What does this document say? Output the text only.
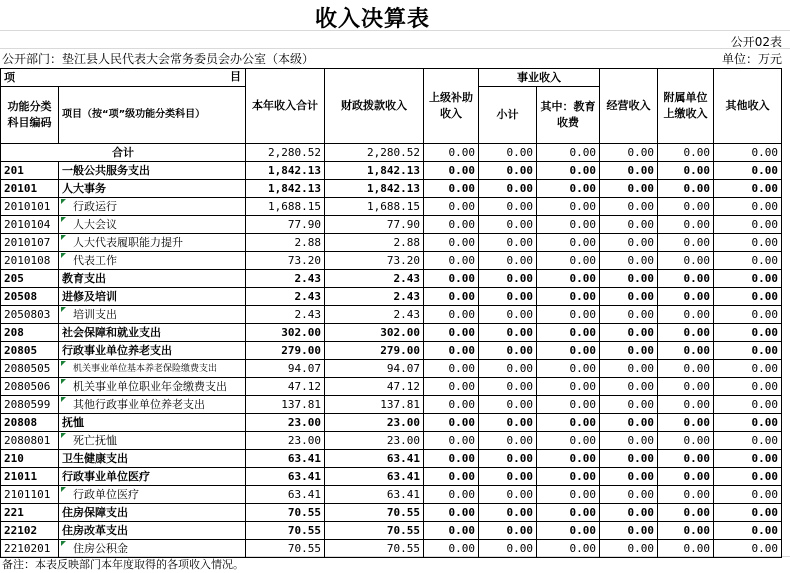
收入决算表
公开02表
公开部门：垫江县人民代表大会常务委员会办公室（本级）	单位：万元
项 目		本年收入合计	财政拨款收入	上级补助收入	事业收入		经营收入	附属单位上缴收入	其他收入
功能分类科目编码	项目（按“项”级功能分类科目）				小计	其中：教育收费			
合计		2,280.52	2,280.52	0.00	0.00	0.00	0.00	0.00	0.00
201	一般公共服务支出	1,842.13	1,842.13	0.00	0.00	0.00	0.00	0.00	0.00
20101	人大事务	1,842.13	1,842.13	0.00	0.00	0.00	0.00	0.00	0.00
2010101	行政运行	1,688.15	1,688.15	0.00	0.00	0.00	0.00	0.00	0.00
2010104	人大会议	77.90	77.90	0.00	0.00	0.00	0.00	0.00	0.00
2010107	人大代表履职能力提升	2.88	2.88	0.00	0.00	0.00	0.00	0.00	0.00
2010108	代表工作	73.20	73.20	0.00	0.00	0.00	0.00	0.00	0.00
205	教育支出	2.43	2.43	0.00	0.00	0.00	0.00	0.00	0.00
20508	进修及培训	2.43	2.43	0.00	0.00	0.00	0.00	0.00	0.00
2050803	培训支出	2.43	2.43	0.00	0.00	0.00	0.00	0.00	0.00
208	社会保障和就业支出	302.00	302.00	0.00	0.00	0.00	0.00	0.00	0.00
20805	行政事业单位养老支出	279.00	279.00	0.00	0.00	0.00	0.00	0.00	0.00
2080505	机关事业单位基本养老保险缴费支出	94.07	94.07	0.00	0.00	0.00	0.00	0.00	0.00
2080506	机关事业单位职业年金缴费支出	47.12	47.12	0.00	0.00	0.00	0.00	0.00	0.00
2080599	其他行政事业单位养老支出	137.81	137.81	0.00	0.00	0.00	0.00	0.00	0.00
20808	抚恤	23.00	23.00	0.00	0.00	0.00	0.00	0.00	0.00
2080801	死亡抚恤	23.00	23.00	0.00	0.00	0.00	0.00	0.00	0.00
210	卫生健康支出	63.41	63.41	0.00	0.00	0.00	0.00	0.00	0.00
21011	行政事业单位医疗	63.41	63.41	0.00	0.00	0.00	0.00	0.00	0.00
2101101	行政单位医疗	63.41	63.41	0.00	0.00	0.00	0.00	0.00	0.00
221	住房保障支出	70.55	70.55	0.00	0.00	0.00	0.00	0.00	0.00
22102	住房改革支出	70.55	70.55	0.00	0.00	0.00	0.00	0.00	0.00
2210201	住房公积金	70.55	70.55	0.00	0.00	0.00	0.00	0.00	0.00
备注：本表反映部门本年度取得的各项收入情况。
